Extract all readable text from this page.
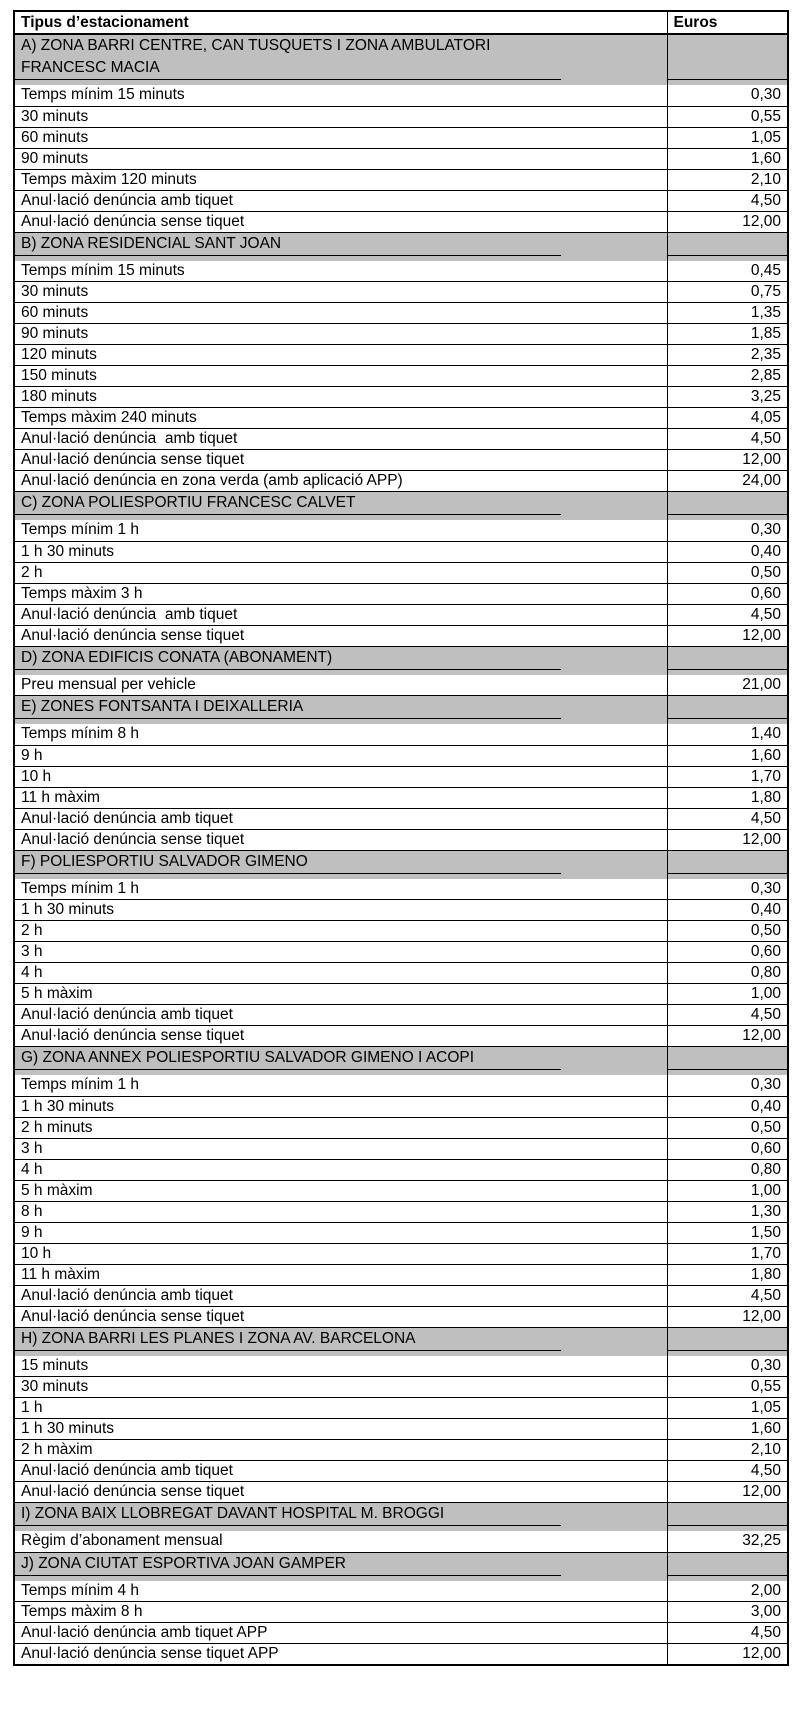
Tipus d’estacionament	Euros

A) ZONA BARRI CENTRE, CAN TUSQUETS I ZONA AMBULATORI FRANCESC MACIA	

Temps mínim 15 minuts	0,30
30 minuts	0,55
60 minuts	1,05
90 minuts	1,60
Temps màxim 120 minuts	2,10
Anul·lació denúncia amb tiquet	4,50
Anul·lació denúncia sense tiquet	12,00

B) ZONA RESIDENCIAL SANT JOAN	

Temps mínim 15 minuts	0,45
30 minuts	0,75
60 minuts	1,35
90 minuts	1,85
120 minuts	2,35
150 minuts	2,85
180 minuts	3,25
Temps màxim 240 minuts	4,05
Anul·lació denúncia  amb tiquet	4,50
Anul·lació denúncia sense tiquet	12,00
Anul·lació denúncia en zona verda (amb aplicació APP)	24,00

C) ZONA POLIESPORTIU FRANCESC CALVET	

Temps mínim 1 h	0,30
1 h 30 minuts	0,40
2 h	0,50
Temps màxim 3 h	0,60
Anul·lació denúncia  amb tiquet	4,50
Anul·lació denúncia sense tiquet	12,00

D) ZONA EDIFICIS CONATA (ABONAMENT)	

Preu mensual per vehicle	21,00

E) ZONES FONTSANTA I DEIXALLERIA	

Temps mínim 8 h	1,40
9 h	1,60
10 h	1,70
11 h màxim	1,80
Anul·lació denúncia amb tiquet	4,50
Anul·lació denúncia sense tiquet	12,00

F) POLIESPORTIU SALVADOR GIMENO	

Temps mínim 1 h	0,30
1 h 30 minuts	0,40
2 h	0,50
3 h	0,60
4 h	0,80
5 h màxim	1,00
Anul·lació denúncia amb tiquet	4,50
Anul·lació denúncia sense tiquet	12,00

G) ZONA ANNEX POLIESPORTIU SALVADOR GIMENO I ACOPI	

Temps mínim 1 h	0,30
1 h 30 minuts	0,40
2 h minuts	0,50
3 h	0,60
4 h	0,80
5 h màxim	1,00
8 h	1,30
9 h	1,50
10 h	1,70
11 h màxim	1,80
Anul·lació denúncia amb tiquet	4,50
Anul·lació denúncia sense tiquet	12,00

H) ZONA BARRI LES PLANES I ZONA AV. BARCELONA	

15 minuts	0,30
30 minuts	0,55
1 h	1,05
1 h 30 minuts	1,60
2 h màxim	2,10
Anul·lació denúncia amb tiquet	4,50
Anul·lació denúncia sense tiquet	12,00

I) ZONA BAIX LLOBREGAT DAVANT HOSPITAL M. BROGGI	

Règim d’abonament mensual	32,25

J) ZONA CIUTAT ESPORTIVA JOAN GAMPER	

Temps mínim 4 h	2,00
Temps màxim 8 h	3,00
Anul·lació denúncia amb tiquet APP	4,50
Anul·lació denúncia sense tiquet APP	12,00
